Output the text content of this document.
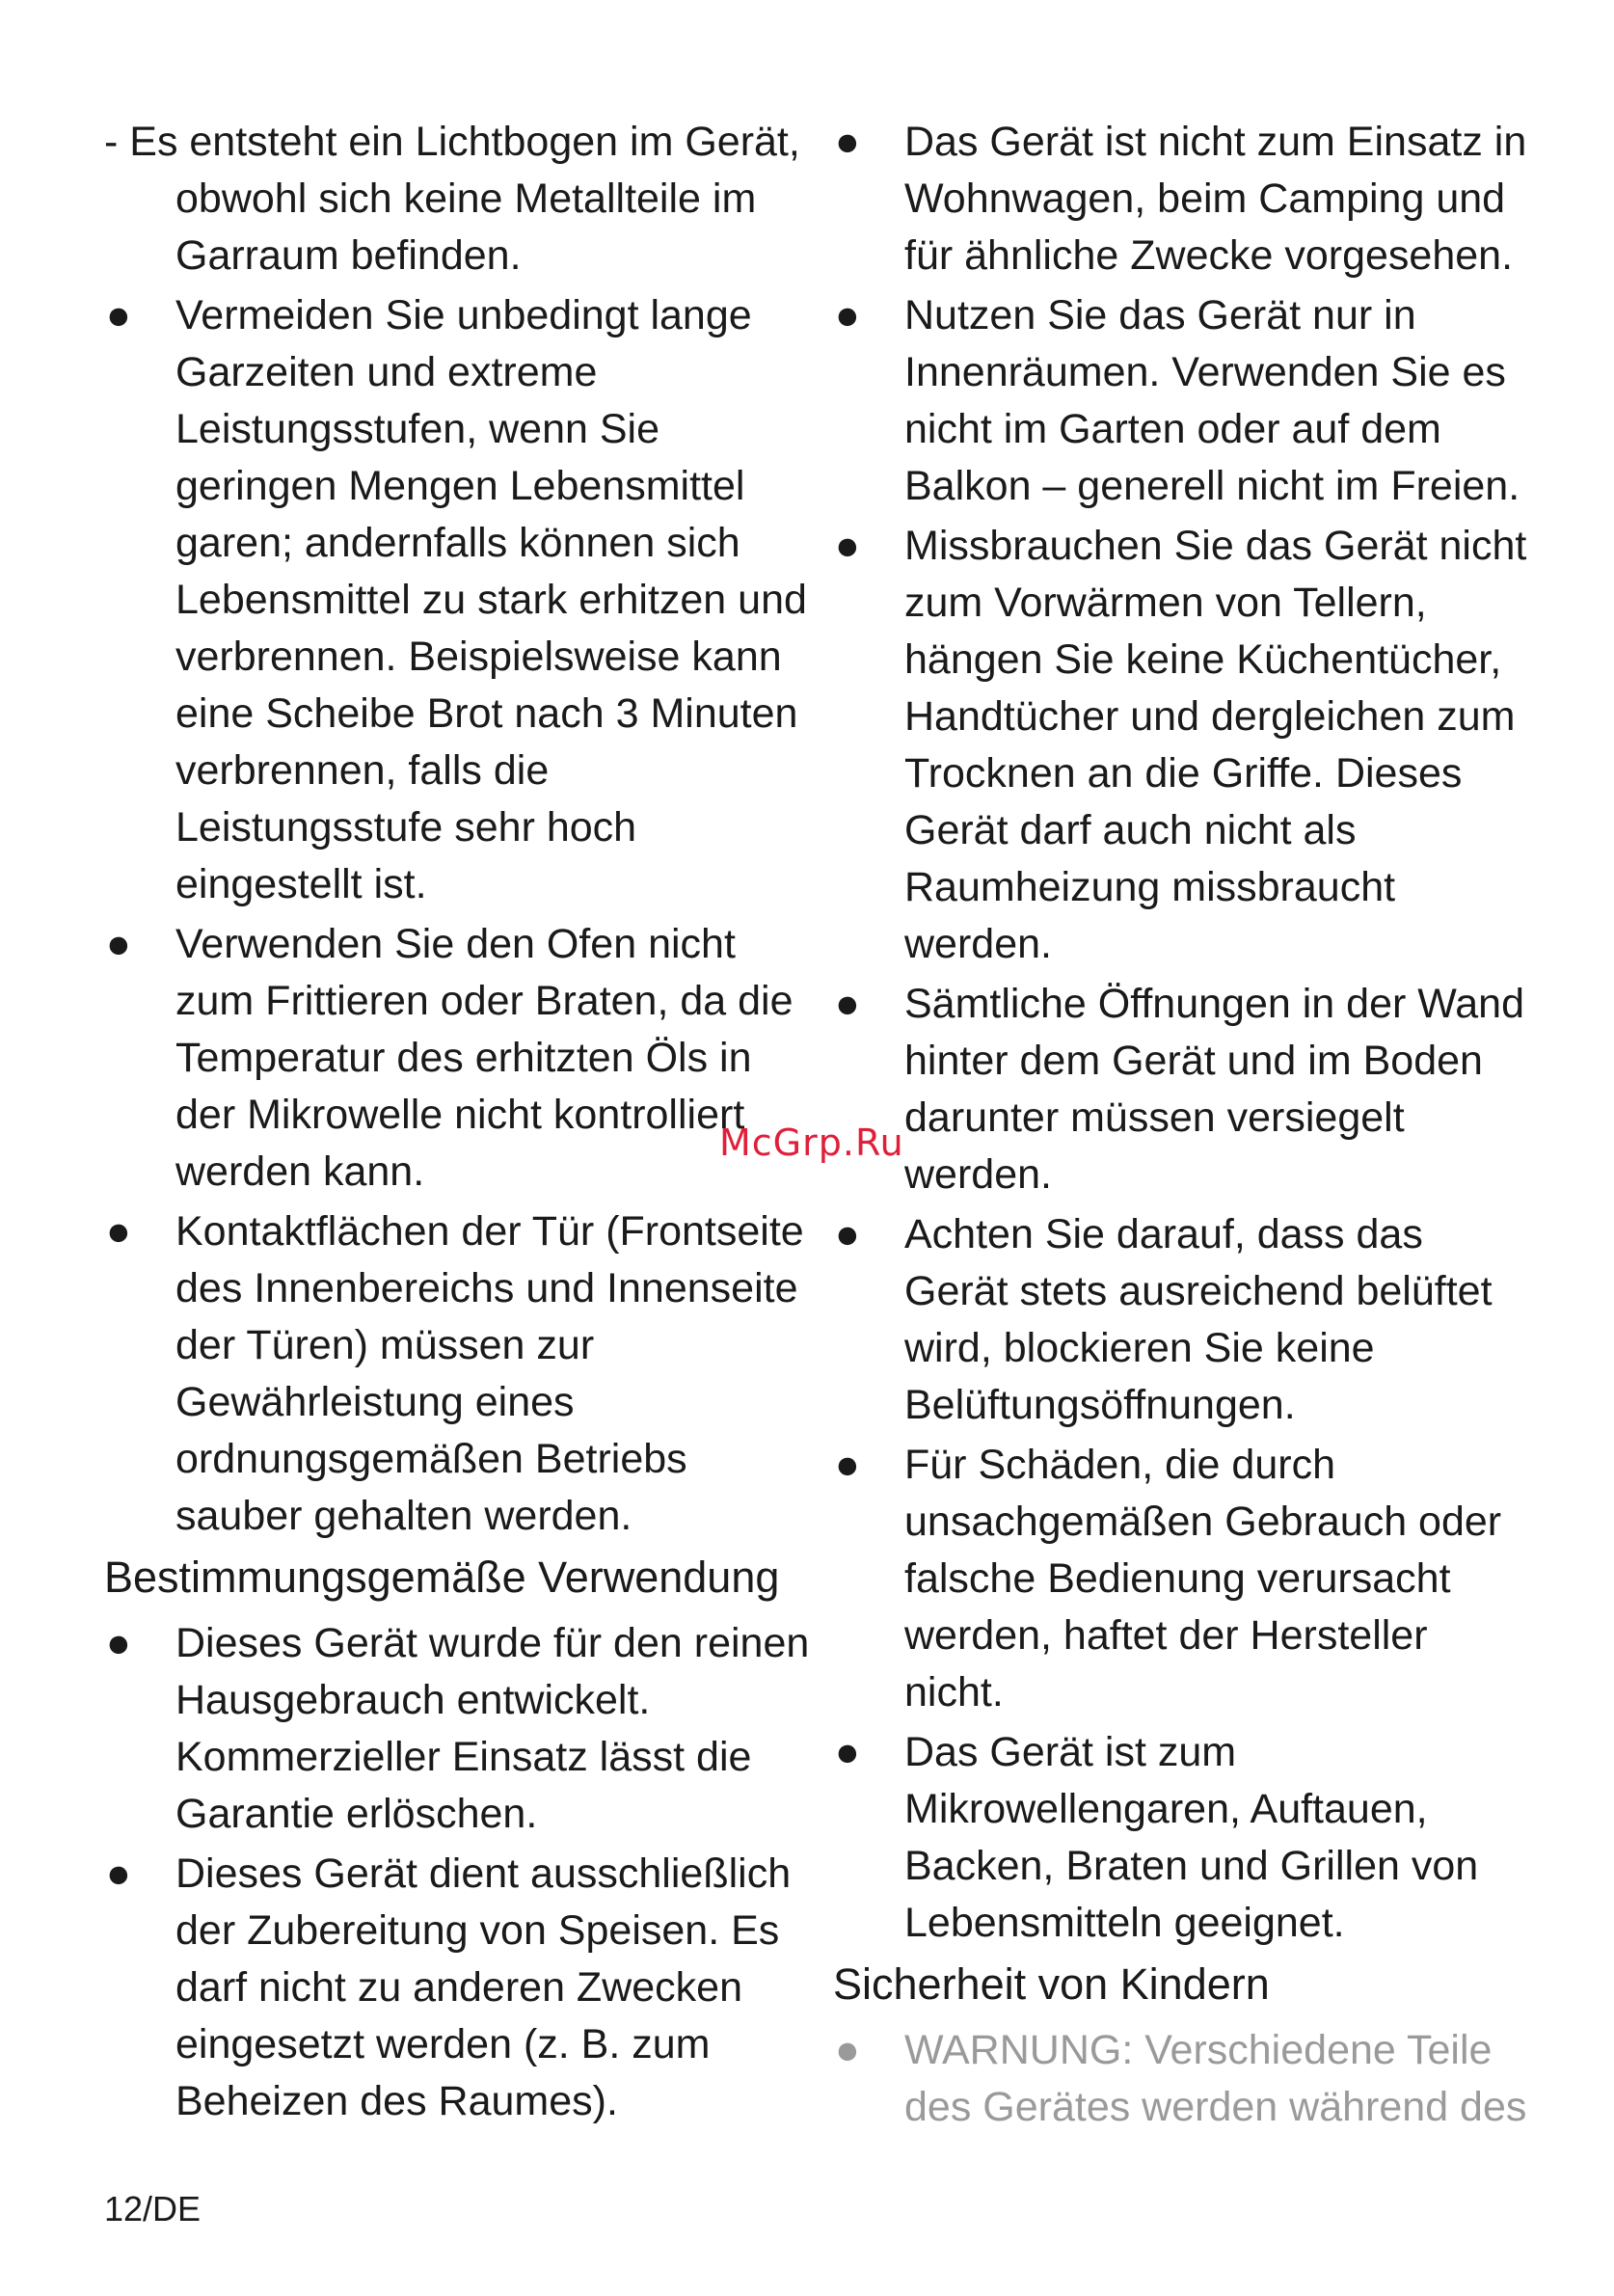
- Es entsteht ein Lichtbogen im Gerät, obwohl sich keine Metallteile im Garraum befinden.
●	Vermeiden Sie unbedingt lange Garzeiten und extreme Leistungsstufen, wenn Sie geringen Mengen Lebensmittel garen; andernfalls können sich Lebensmittel zu stark erhitzen und verbrennen. Beispielsweise kann eine Scheibe Brot nach 3 Minuten verbrennen, falls die Leistungsstufe sehr hoch eingestellt ist.
●	Verwenden Sie den Ofen nicht zum Frittieren oder Braten, da die Temperatur des erhitzten Öls in der Mikrowelle nicht kontrolliert werden kann.
●	Kontaktflächen der Tür (Frontseite des Innenbereichs und Innenseite der Türen) müssen zur Gewährleistung eines ordnungsgemäßen Betriebs sauber gehalten werden.
Bestimmungsgemäße Verwendung
●	Dieses Gerät wurde für den reinen Hausgebrauch entwickelt. Kommerzieller Einsatz lässt die Garantie erlöschen.
●	Dieses Gerät dient ausschließlich der Zubereitung von Speisen. Es darf nicht zu anderen Zwecken eingesetzt werden (z. B. zum Beheizen des Raumes).
●	Das Gerät ist nicht zum Einsatz in Wohnwagen, beim Camping und für ähnliche Zwecke vorgesehen.
●	Nutzen Sie das Gerät nur in Innenräumen. Verwenden Sie es nicht im Garten oder auf dem Balkon – generell nicht im Freien.
●	Missbrauchen Sie das Gerät nicht zum Vorwärmen von Tellern, hängen Sie keine Küchentücher, Handtücher und dergleichen zum Trocknen an die Griffe. Dieses Gerät darf auch nicht als Raumheizung missbraucht werden.
●	Sämtliche Öffnungen in der Wand hinter dem Gerät und im Boden darunter müssen versiegelt werden.
●	Achten Sie darauf, dass das Gerät stets ausreichend belüftet wird, blockieren Sie keine Belüftungsöffnungen.
●	Für Schäden, die durch unsachgemäßen Gebrauch oder falsche Bedienung verursacht werden, haftet der Hersteller nicht.
●	Das Gerät ist zum Mikrowellengaren, Auftauen, Backen, Braten und Grillen von Lebensmitteln geeignet.
Sicherheit von Kindern
●	WARNUNG: Verschiedene Teile des Gerätes werden während des
McGrp.Ru
12/DE
